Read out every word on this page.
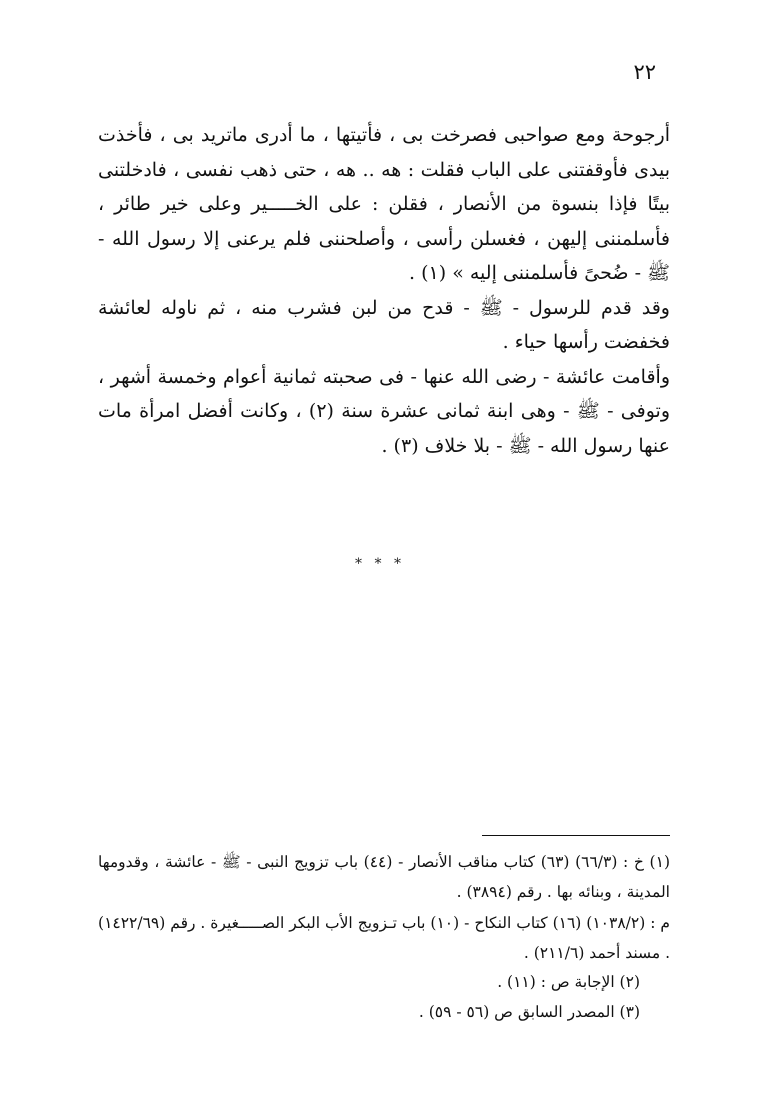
٢٢

أرجوحة ومع صواحبى فصرخت بى ، فأتيتها ، ما أدرى ماتريد بى ، فأخذت بيدى فأوقفتنى على الباب فقلت : هه .. هه ، حتى ذهب نفسى ، فادخلتنى بيتًا فإذا بنسوة من الأنصار ، فقلن : على الخـــــير وعلى خير طائر ، فأسلمننى إليهن ، فغسلن رأسى ، وأصلحننى فلم يرعنى إلا رسول الله - ﷺ - ضُحىً فأسلمننى إليه » (١) .

وقد قدم للرسول - ﷺ - قدح من لبن فشرب منه ، ثم ناوله لعائشة فخفضت رأسها حياء .

وأقامت عائشة - رضى الله عنها - فى صحبته ثمانية أعوام وخمسة أشهر ، وتوفى - ﷺ - وهى ابنة ثمانى عشرة سنة (٢) ، وكانت أفضل امرأة مات عنها رسول الله - ﷺ - بلا خلاف (٣) .

* * *

(١) خ : (٦٦/٣) (٦٣) كتاب مناقب الأنصار - (٤٤) باب تزويج النبى - ﷺ - عائشة ، وقدومها المدينة ، وبنائه بها . رقم (٣٨٩٤) .

م : (١٠٣٨/٢) (١٦) كتاب النكاح - (١٠) باب تـزويج الأب البكر الصـــــغيرة . رقم (١٤٢٢/٦٩) . مسند أحمد (٢١١/٦) .

(٢) الإجابة ص : (١١) .

(٣) المصدر السابق ص (٥٦ - ٥٩) .
